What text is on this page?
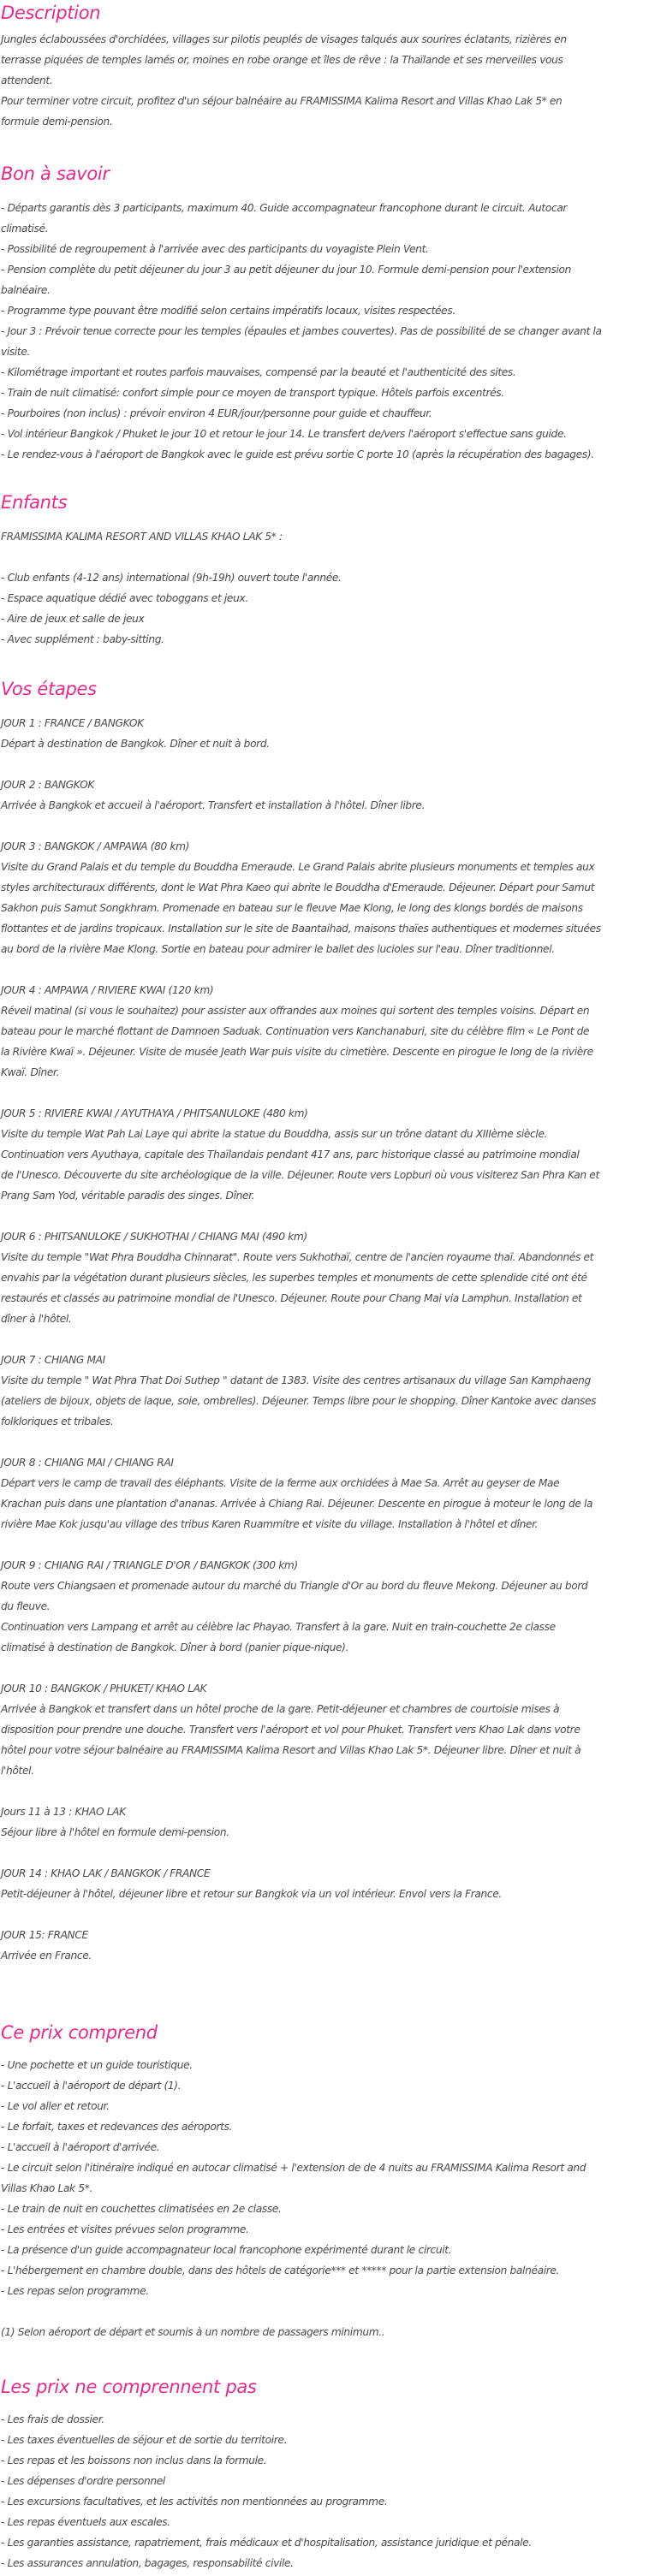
Description

Jungles éclaboussées d'orchidées, villages sur pilotis peuplés de visages talqués aux sourires éclatants, rizières en

terrasse piquées de temples lamés or, moines en robe orange et îles de rêve : la Thaïlande et ses merveilles vous

attendent.

Pour terminer votre circuit, profitez d'un séjour balnéaire au FRAMISSIMA Kalima Resort and Villas Khao Lak 5* en

formule demi-pension.

Bon à savoir

- Départs garantis dès 3 participants, maximum 40. Guide accompagnateur francophone durant le circuit. Autocar

climatisé.

- Possibilité de regroupement à l'arrivée avec des participants du voyagiste Plein Vent.

- Pension complète du petit déjeuner du jour 3 au petit déjeuner du jour 10. Formule demi-pension pour l'extension

balnéaire.

- Programme type pouvant être modifié selon certains impératifs locaux, visites respectées.

- Jour 3 : Prévoir tenue correcte pour les temples (épaules et jambes couvertes). Pas de possibilité de se changer avant la

visite.

- Kilométrage important et routes parfois mauvaises, compensé par la beauté et l'authenticité des sites.

- Train de nuit climatisé: confort simple pour ce moyen de transport typique. Hôtels parfois excentrés.

- Pourboires (non inclus) : prévoir environ 4 EUR/jour/personne pour guide et chauffeur.

- Vol intérieur Bangkok / Phuket le jour 10 et retour le jour 14. Le transfert de/vers l'aéroport s'effectue sans guide.

- Le rendez-vous à l'aéroport de Bangkok avec le guide est prévu sortie C porte 10 (après la récupération des bagages).

Enfants

FRAMISSIMA KALIMA RESORT AND VILLAS KHAO LAK 5* :

- Club enfants (4-12 ans) international (9h-19h) ouvert toute l'année.

- Espace aquatique dédié avec toboggans et jeux.

- Aire de jeux et salle de jeux

- Avec supplément : baby-sitting.

Vos étapes

JOUR 1 : FRANCE / BANGKOK

Départ à destination de Bangkok. Dîner et nuit à bord.

JOUR 2 : BANGKOK

Arrivée à Bangkok et accueil à l'aéroport. Transfert et installation à l'hôtel. Dîner libre.

JOUR 3 : BANGKOK / AMPAWA (80 km)

Visite du Grand Palais et du temple du Bouddha Emeraude. Le Grand Palais abrite plusieurs monuments et temples aux

styles architecturaux différents, dont le Wat Phra Kaeo qui abrite le Bouddha d'Emeraude. Déjeuner. Départ pour Samut

Sakhon puis Samut Songkhram. Promenade en bateau sur le fleuve Mae Klong, le long des klongs bordés de maisons

flottantes et de jardins tropicaux. Installation sur le site de Baantaihad, maisons thaïes authentiques et modernes situées

au bord de la rivière Mae Klong. Sortie en bateau pour admirer le ballet des lucioles sur l'eau. Dîner traditionnel.

JOUR 4 : AMPAWA / RIVIERE KWAI (120 km)

Réveil matinal (si vous le souhaitez) pour assister aux offrandes aux moines qui sortent des temples voisins. Départ en

bateau pour le marché flottant de Damnoen Saduak. Continuation vers Kanchanaburi, site du célèbre film « Le Pont de

la Rivière Kwaï ». Déjeuner. Visite de musée Jeath War puis visite du cimetière. Descente en pirogue le long de la rivière

Kwaï. Dîner.

JOUR 5 : RIVIERE KWAI / AYUTHAYA / PHITSANULOKE (480 km)

Visite du temple Wat Pah Lai Laye qui abrite la statue du Bouddha, assis sur un trône datant du XIIIème siècle.

Continuation vers Ayuthaya, capitale des Thaïlandais pendant 417 ans, parc historique classé au patrimoine mondial

de l'Unesco. Découverte du site archéologique de la ville. Déjeuner. Route vers Lopburi où vous visiterez San Phra Kan et

Prang Sam Yod, véritable paradis des singes. Dîner.

JOUR 6 : PHITSANULOKE / SUKHOTHAI / CHIANG MAI (490 km)

Visite du temple "Wat Phra Bouddha Chinnarat". Route vers Sukhothaï, centre de l'ancien royaume thaï. Abandonnés et

envahis par la végétation durant plusieurs siècles, les superbes temples et monuments de cette splendide cité ont été

restaurés et classés au patrimoine mondial de l'Unesco. Déjeuner. Route pour Chang Mai via Lamphun. Installation et

dîner à l'hôtel.

JOUR 7 : CHIANG MAI

Visite du temple " Wat Phra That Doi Suthep " datant de 1383. Visite des centres artisanaux du village San Kamphaeng

(ateliers de bijoux, objets de laque, soie, ombrelles). Déjeuner. Temps libre pour le shopping. Dîner Kantoke avec danses

folkloriques et tribales.

JOUR 8 : CHIANG MAI / CHIANG RAI

Départ vers le camp de travail des éléphants. Visite de la ferme aux orchidées à Mae Sa. Arrêt au geyser de Mae

Krachan puis dans une plantation d'ananas. Arrivée à Chiang Rai. Déjeuner. Descente en pirogue à moteur le long de la

rivière Mae Kok jusqu'au village des tribus Karen Ruammitre et visite du village. Installation à l'hôtel et dîner.

JOUR 9 : CHIANG RAI / TRIANGLE D'OR / BANGKOK (300 km)

Route vers Chiangsaen et promenade autour du marché du Triangle d'Or au bord du fleuve Mekong. Déjeuner au bord

du fleuve.

Continuation vers Lampang et arrêt au célèbre lac Phayao. Transfert à la gare. Nuit en train-couchette 2e classe

climatisé à destination de Bangkok. Dîner à bord (panier pique-nique).

JOUR 10 : BANGKOK / PHUKET/ KHAO LAK

Arrivée à Bangkok et transfert dans un hôtel proche de la gare. Petit-déjeuner et chambres de courtoisie mises à

disposition pour prendre une douche. Transfert vers l'aéroport et vol pour Phuket. Transfert vers Khao Lak dans votre

hôtel pour votre séjour balnéaire au FRAMISSIMA Kalima Resort and Villas Khao Lak 5*. Déjeuner libre. Dîner et nuit à

l'hôtel.

Jours 11 à 13 : KHAO LAK

Séjour libre à l'hôtel en formule demi-pension.

JOUR 14 : KHAO LAK / BANGKOK / FRANCE

Petit-déjeuner à l'hôtel, déjeuner libre et retour sur Bangkok via un vol intérieur. Envol vers la France.

JOUR 15: FRANCE

Arrivée en France.

Ce prix comprend

- Une pochette et un guide touristique.

- L'accueil à l'aéroport de départ (1).

- Le vol aller et retour.

- Le forfait, taxes et redevances des aéroports.

- L'accueil à l'aéroport d'arrivée.

- Le circuit selon l'itinéraire indiqué en autocar climatisé + l'extension de de 4 nuits au FRAMISSIMA Kalima Resort and

Villas Khao Lak 5*.

- Le train de nuit en couchettes climatisées en 2e classe.

- Les entrées et visites prévues selon programme.

- La présence d'un guide accompagnateur local francophone expérimenté durant le circuit.

- L'hébergement en chambre double, dans des hôtels de catégorie*** et ***** pour la partie extension balnéaire.

- Les repas selon programme.

(1) Selon aéroport de départ et soumis à un nombre de passagers minimum..

Les prix ne comprennent pas

- Les frais de dossier.

- Les taxes éventuelles de séjour et de sortie du territoire.

- Les repas et les boissons non inclus dans la formule.

- Les dépenses d'ordre personnel

- Les excursions facultatives, et les activités non mentionnées au programme.

- Les repas éventuels aux escales.

- Les garanties assistance, rapatriement, frais médicaux et d'hospitalisation, assistance juridique et pénale.

- Les assurances annulation, bagages, responsabilité civile.
